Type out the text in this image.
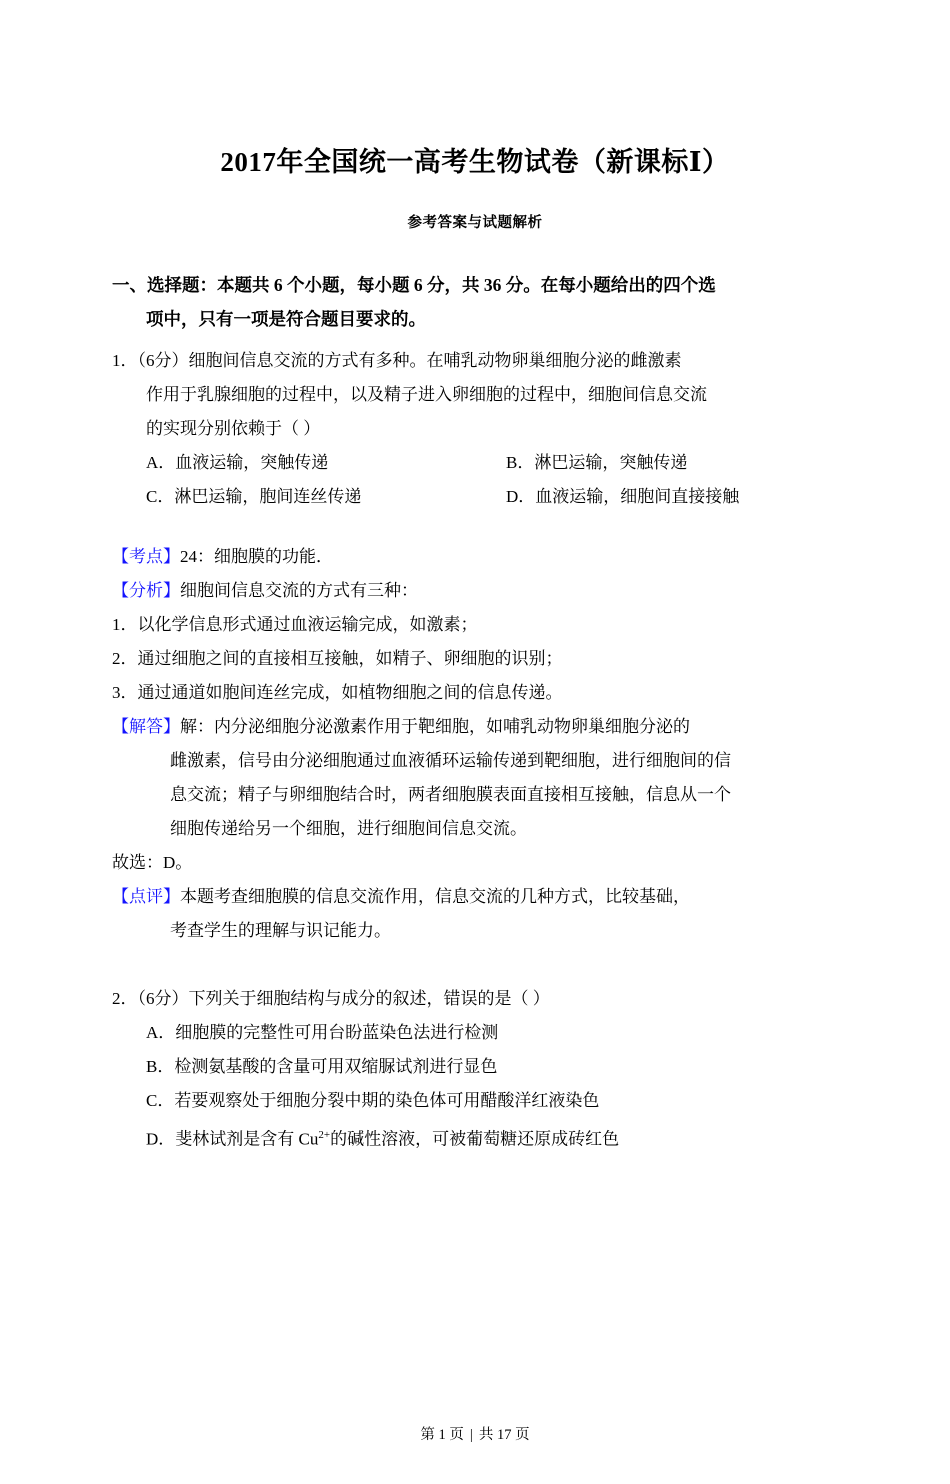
2017年全国统一高考生物试卷（新课标Ⅰ）
参考答案与试题解析
一、选择题：本题共 6 个小题，每小题 6 分，共 36 分。在每小题给出的四个选
项中，只有一项是符合题目要求的。
1．（6分）细胞间信息交流的方式有多种。在哺乳动物卵巢细胞分泌的雌激素
作用于乳腺细胞的过程中，以及精子进入卵细胞的过程中，细胞间信息交流
的实现分别依赖于（ ）
A．血液运输，突触传递	B．淋巴运输，突触传递
C．淋巴运输，胞间连丝传递	D．血液运输，细胞间直接接触
【考点】24：细胞膜的功能．
【分析】细胞间信息交流的方式有三种：
1．以化学信息形式通过血液运输完成，如激素；
2．通过细胞之间的直接相互接触，如精子、卵细胞的识别；
3．通过通道如胞间连丝完成，如植物细胞之间的信息传递。
【解答】解：内分泌细胞分泌激素作用于靶细胞，如哺乳动物卵巢细胞分泌的
雌激素，信号由分泌细胞通过血液循环运输传递到靶细胞，进行细胞间的信
息交流；精子与卵细胞结合时，两者细胞膜表面直接相互接触，信息从一个
细胞传递给另一个细胞，进行细胞间信息交流。
故选：D。
【点评】本题考查细胞膜的信息交流作用，信息交流的几种方式，比较基础，
考查学生的理解与识记能力。
2．（6分）下列关于细胞结构与成分的叙述，错误的是（ ）
A．细胞膜的完整性可用台盼蓝染色法进行检测
B．检测氨基酸的含量可用双缩脲试剂进行显色
C．若要观察处于细胞分裂中期的染色体可用醋酸洋红液染色
D．斐林试剂是含有 $Cu^{2+}$的碱性溶液，可被葡萄糖还原成砖红色
第 1 页 | 共 17 页
